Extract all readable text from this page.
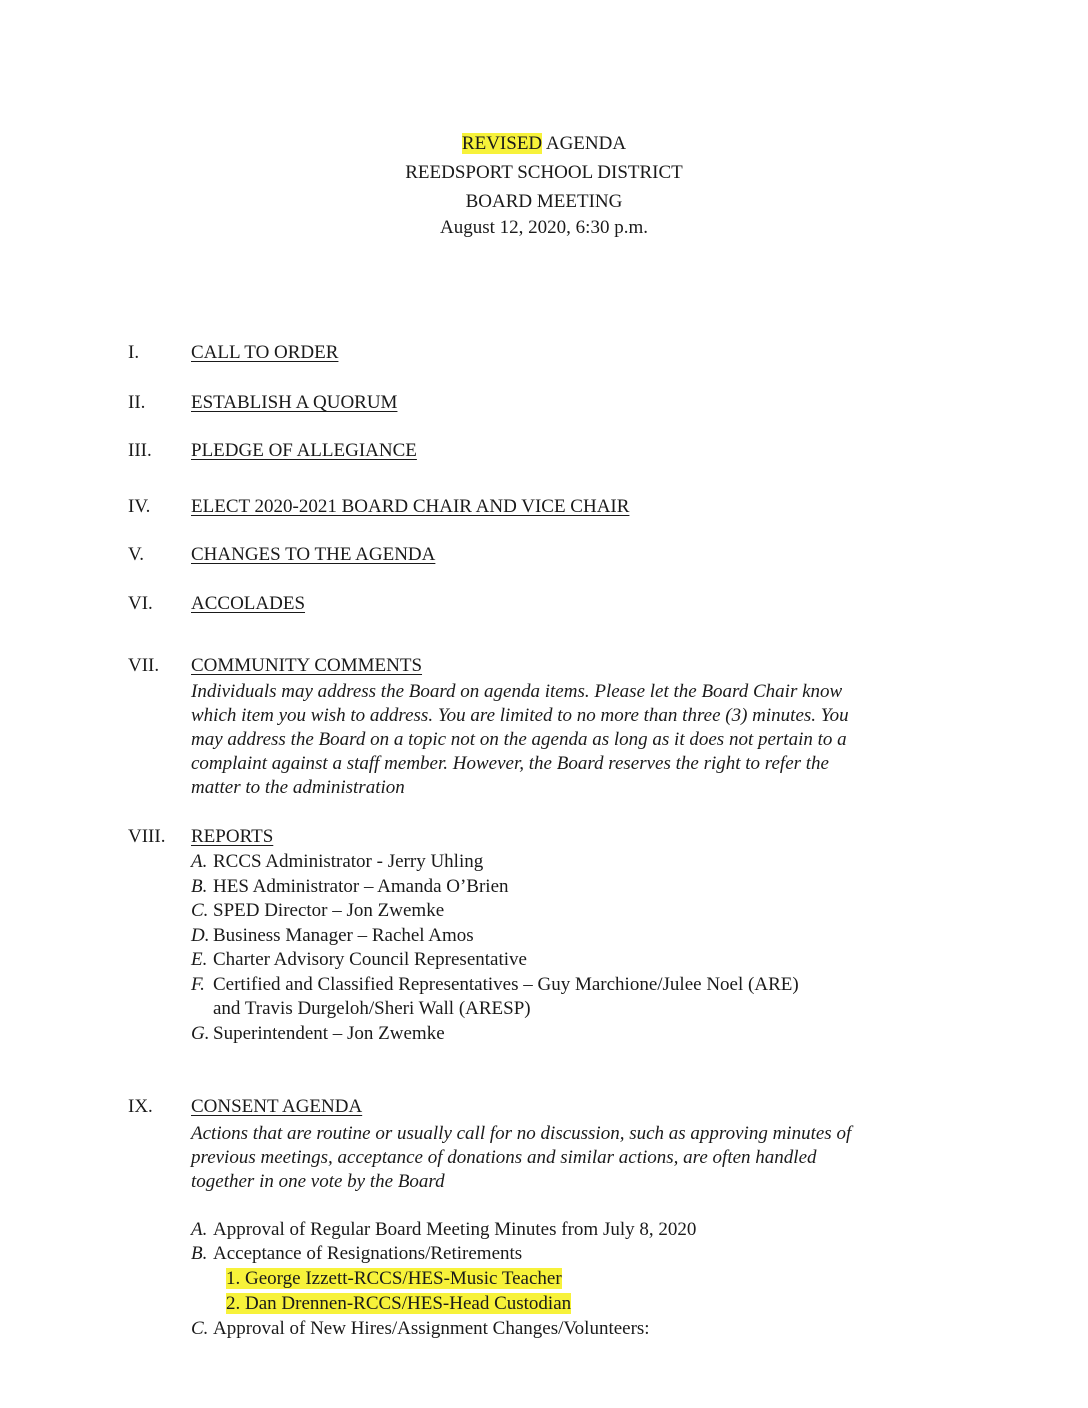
REVISED AGENDA
REEDSPORT SCHOOL DISTRICT
BOARD MEETING
August 12, 2020, 6:30 p.m.
I.	CALL TO ORDER
II. ESTABLISH A QUORUM
III. PLEDGE OF ALLEGIANCE
IV. ELECT 2020-2021 BOARD CHAIR AND VICE CHAIR
V. CHANGES TO THE AGENDA
VI. ACCOLADES
VII. COMMUNITY COMMENTS
Individuals may address the Board on agenda items. Please let the Board Chair know
which item you wish to address. You are limited to no more than three (3) minutes. You
may address the Board on a topic not on the agenda as long as it does not pertain to a
complaint against a staff member. However, the Board reserves the right to refer the
matter to the administration
VIII. REPORTS
A. RCCS Administrator - Jerry Uhling
B. HES Administrator – Amanda O’Brien
C. SPED Director – Jon Zwemke
D. Business Manager – Rachel Amos
E. Charter Advisory Council Representative
F. Certified and Classified Representatives – Guy Marchione/Julee Noel (ARE)
and Travis Durgeloh/Sheri Wall (ARESP)
G. Superintendent – Jon Zwemke
IX. CONSENT AGENDA
Actions that are routine or usually call for no discussion, such as approving minutes of
previous meetings, acceptance of donations and similar actions, are often handled
together in one vote by the Board
A. Approval of Regular Board Meeting Minutes from July 8, 2020
B. Acceptance of Resignations/Retirements
1. George Izzett-RCCS/HES-Music Teacher
2. Dan Drennen-RCCS/HES-Head Custodian
C. Approval of New Hires/Assignment Changes/Volunteers:
